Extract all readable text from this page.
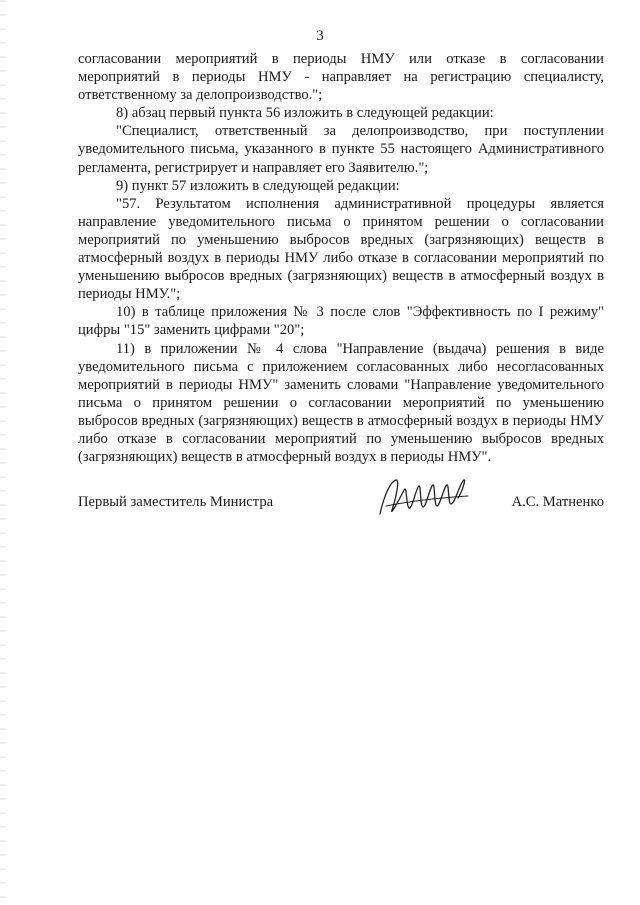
3

согласовании мероприятий в периоды НМУ или отказе в согласовании мероприятий в периоды НМУ - направляет на регистрацию специалисту, ответственному за делопроизводство.";

8) абзац первый пункта 56 изложить в следующей редакции:

"Специалист, ответственный за делопроизводство, при поступлении уведомительного письма, указанного в пункте 55 настоящего Административного регламента, регистрирует и направляет его Заявителю.";

9) пункт 57 изложить в следующей редакции:

"57. Результатом исполнения административной процедуры является направление уведомительного письма о принятом решении о согласовании мероприятий по уменьшению выбросов вредных (загрязняющих) веществ в атмосферный воздух в периоды НМУ либо отказе в согласовании мероприятий по уменьшению выбросов вредных (загрязняющих) веществ в атмосферный воздух в периоды НМУ.";

10) в таблице приложения № 3 после слов "Эффективность по I режиму" цифры "15" заменить цифрами "20";

11) в приложении № 4 слова "Направление (выдача) решения в виде уведомительного письма с приложением согласованных либо несогласованных мероприятий в периоды НМУ" заменить словами "Направление уведомительного письма о принятом решении о согласовании мероприятий по уменьшению выбросов вредных (загрязняющих) веществ в атмосферный воздух в периоды НМУ либо отказе в согласовании мероприятий по уменьшению выбросов вредных (загрязняющих) веществ в атмосферный воздух в периоды НМУ".

Первый заместитель Министра	А.С. Матненко
